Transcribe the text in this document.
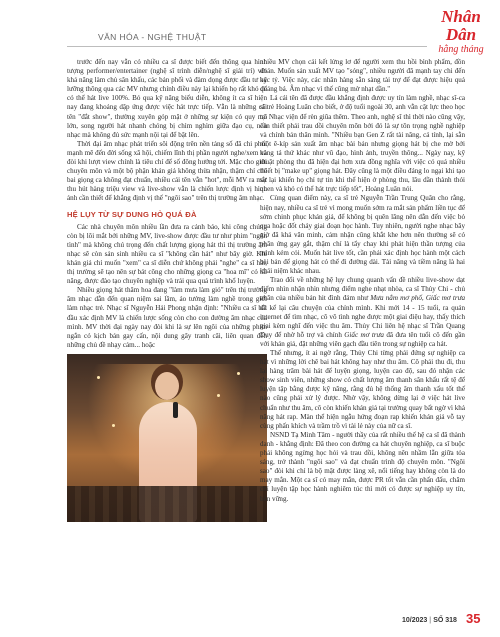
VĂN HÓA - NGHỆ THUẬT
Nhân Dân
hằng tháng

trước đến nay vẫn có nhiều ca sĩ được biết đến thông qua hình tượng performer/entertainer (nghệ sĩ trình diễn/nghệ sĩ giải trí) với khả năng làm chủ sân khấu, các bản phối và đàm dọng được đầu tư kỹ lưỡng thông qua các MV nhưng chính điều này lại khiến họ rất khó để có thể hát live 100%. Bỏ qua kỹ năng biểu diễn, không ít ca sĩ hiện nay đang khoảng dập ứng được việc hát trực tiếp. Vẫn là những cái tên "đắt show", thường xuyên góp mặt ở những sự kiện có quy mô lớn, song người hát nhanh chóng bị chìm nghìm giữa đạo cụ, nên nhạc mà không đủ sức mạnh nội tại để bật lên.

Thời đại âm nhạc phát triển sôi động trên nền tảng số đã chi phối mạnh mẽ đến đời sống xã hội, chiếm lĩnh thị phần người nghe/xem và đòi khi lượt view chính là tiêu chí để số đông hướng tới. Mặc cho giới chuyên môn và một bộ phận khán giả không thừa nhận, thậm chí chê bai giọng ca không đạt chuẩn, nhiều cái tên vẫn "hot", mỗi MV ra mắt thu hút hàng triệu view và live-show vẫn là chiến lược định vị hình ảnh cần thiết để khẳng định vị thế "ngôi sao" trên thị trường âm nhạc.

HỆ LỤY TỪ SỰ DUNG HÒ QUÁ ĐÀ

Các nhà chuyên môn nhiều lần đưa ra cảnh báo, khi công chúng còn bị lôi mắt bởi những MV, live-show được đầu tư như phim "ngôn tình" mà không chú trọng đến chất lượng giọng hát thì thị trường âm nhạc sẽ còn sản sinh nhiều ca sĩ "không cần hát" như bây giờ. Khi khán giả chỉ muốn "xem" ca sĩ diễn chứ không phải "nghe" ca sĩ hát, thị trường sẽ tạo nên sự bát công cho những giọng ca "hoa mĩ" có tài năng, được đào tạo chuyên nghiệp và trải qua quá trình khổ luyện.

Nhiều giọng hát thâm hoa đang "làm mưa làm gió" trên thị trường âm nhạc dẫn đến quan niệm sai lầm, áo tưởng làm nghề trong giới làm nhạc trẻ. Nhạc sĩ Nguyễn Hải Phong nhận định: "Nhiều ca sĩ bắt đầu xác định MV là chiến lược sống còn cho con đường âm nhạc của mình. MV thời đại ngày nay đòi khi là sự lên ngôi của những phim ngắn có kịch bản gay cấn, nội dung gây tranh cãi, liên quan đến những chủ đề nhạy cảm... hoặc

nhiều MV chọn cái kết lửng lơ để người xem thu hồi bình phẩm, đồn đoán. Muốn sản xuất MV tạo "sóng", nhiều người đã mạnh tay chi đến bạc tỷ. Việc này, các nhãn hàng sẵn sàng tài trợ để đạt được hiệu quả quảng bá. Âm nhạc vì thế cũng mờ nhạt dần."

Lá cái tên đã được đầu khẳng định được uy tín làm nghề, nhạc sĩ-ca sĩ trẻ Hoàng Luân cho biết, ở độ tuổi ngoài 30, anh vẫn cật lực theo học tại Nhạc viện để rèn giũa thêm. Theo anh, nghệ sĩ thì thời nào cũng vậy, cần thiết phải trau dồi chuyên môn bởi đó là sự tôn trọng nghề nghiệp và chính bản thân mình. "Nhiều bạn Gen Z rất tài năng, cá tính, lại sẵn một ê-kíp sản xuất âm nhạc bài bản nhưng giọng hát bị che mờ bởi hàng tá thứ khác như vũ đạo, hình ảnh, truyền thông... Ngày nay, kỹ thuật phòng thu đã hiện đại hơn xưa đồng nghĩa với việc có quá nhiều thiết bị "make up" giọng hát. Đây cũng là một điều đáng lo ngại khi tạo sự lại khiến họ chỉ tự tin khi thể hiện ở phòng thu, lâu dần thành thói quen và khó có thể hát trực tiếp tốt", Hoàng Luân nói.

Cùng quan điểm này, ca sĩ trẻ Nguyễn Trần Trung Quân cho rằng, hiện nay, nhiều ca sĩ trẻ vì mong muốn sớm ra mắt sản phẩm liền tục để sớm chinh phục khán giả, để không bị quên lãng nên dẫn đến việc bỏ qua hoặc đốt cháy giai đoạn học hành. Tuy nhiên, người nghe nhạc bây giờ đã khá văn minh, cảm nhận cũng khắt khe hơn nên thường sẽ có phân ứng gay gắt, thậm chí là tẩy chay khi phát hiện thần tượng của mình kém cỏi. Muốn hát live tốt, cần phải xác định học hành một cách bài bản để giọng hát có thể đi đường dài. Tài năng và tiềm năng là hai khái niệm khác nhau.

Trao đổi về những hệ lụy chung quanh vấn đề nhiều live-show dạt điểm nhìn nhận nhìn nhưng điểm nghe nhạt nhòa, ca sĩ Thủy Chi - chủ nhân của nhiều bản hit đình đám như Mưa nắm mơ phố, Giấc mơ trưa đã kể lại câu chuyện của chính mình. Khi mới 14 - 15 tuổi, ra quán internet để tìm nhạc, cô vô tình nghe được một giai điệu hay, thấy thích giai kèm nghĩ đến việc thu âm. Thủy Chi liên hệ nhạc sĩ Trần Quang Duy để nhờ hỗ trợ và chính Giấc mơ trưa đã đưa tên tuổi cô đến gần với khán giả, đặt những viên gạch đầu tiên trong sự nghiệp ca hát.

Thế nhưng, ít ai ngờ rằng, Thủy Chi từng phải đứng sự nghiệp ca hát vì những lời chê bai hát không hay như thu âm. Cô phải thu đi, thu lại hàng trăm bài hát để luyện giọng, luyện cao độ, sau đó nhận các show sinh viên, những show có chất lượng âm thanh sân khấu rất tệ để luyện tập bằng được kỹ năng, rằng đủ hệ thống âm thanh xấu tốt thế nào cũng phải xử lý được. Nhờ vậy, không dừng lại ở việc hát live chuẩn như thu âm, cô còn khiến khán giả tại trường quay bất ngờ vì khả năng hát rap. Màn thể hiện ngẫu hứng đoạn rap khiến khán giả vỗ tay cùng phấn khích và trầm trồ vì tài lẻ này của nữ ca sĩ.

NSND Tạ Minh Tâm - người thầy của rất nhiều thế hệ ca sĩ đã thành danh - khẳng định: Đã theo con đường ca hát chuyên nghiệp, ca sĩ buộc phải không ngừng học hỏi và trau dồi, không nên nhầm lẫn giữa tỏa sáng, trở thành "ngôi sao" và đạt chuẩn trình độ chuyên môn. "Ngôi sao" đòi khi chỉ là bộ mặt được làng xê, nổi tiếng hay không còn là do may mắn. Một ca sĩ có may mắn, được PR tốt vẫn cần phấn đấu, chăm chỉ luyện tập học hành nghiêm túc thì mới có được sự nghiệp uy tín, bền vững.

10/2023 | SỐ 318 35
